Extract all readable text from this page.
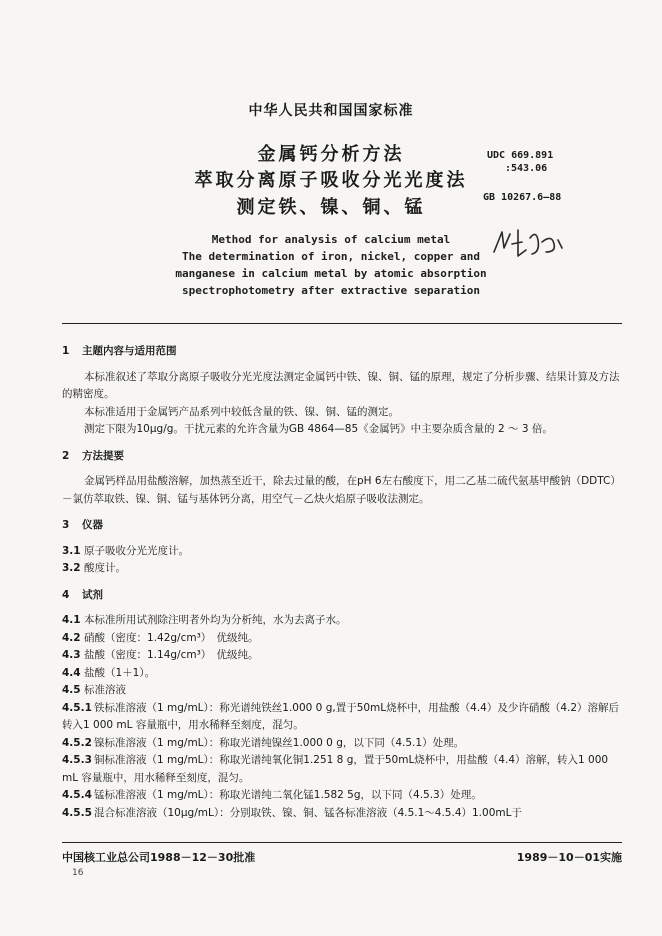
中华人民共和国国家标准
金属钙分析方法
萃取分离原子吸收分光光度法
测定铁、镍、铜、锰
UDC 669.891
:543.06
GB 10267.6—88
Method for analysis of calcium metal
The determination of iron, nickel, copper and
manganese in calcium metal by atomic absorption
spectrophotometry after extractive separation
1 主题内容与适用范围
本标准叙述了萃取分离原子吸收分光光度法测定金属钙中铁、镍、铜、锰的原理，规定了分析步骤、结果计算及方法的精密度。
本标准适用于金属钙产品系列中较低含量的铁、镍、铜、锰的测定。
测定下限为10μg/g。干扰元素的允许含量为GB 4864—85《金属钙》中主要杂质含量的 2 ～ 3 倍。
2 方法提要
金属钙样品用盐酸溶解，加热蒸至近干，除去过量的酸，在pH 6左右酸度下，用二乙基二硫代氨基甲酸钠（DDTC）－氯仿萃取铁、镍、铜、锰与基体钙分离，用空气－乙炔火焰原子吸收法测定。
3 仪器
3.1 原子吸收分光光度计。
3.2 酸度计。
4 试剂
4.1 本标准所用试剂除注明者外均为分析纯，水为去离子水。
4.2 硝酸（密度：1.42g/cm³）　优级纯。
4.3 盐酸（密度：1.14g/cm³）　优级纯。
4.4 盐酸（1＋1）。
4.5 标准溶液
4.5.1 铁标准溶液（1 mg/mL）：称光谱纯铁丝1.000 0 g,置于50mL烧杯中，用盐酸（4.4）及少许硝酸（4.2）溶解后转入1 000 mL 容量瓶中，用水稀释至刻度，混匀。
4.5.2 镍标准溶液（1 mg/mL）：称取光谱纯镍丝1.000 0 g，以下同（4.5.1）处理。
4.5.3 铜标准溶液（1 mg/mL）：称取光谱纯氧化铜1.251 8 g，置于50mL烧杯中，用盐酸（4.4）溶解，转入1 000 mL 容量瓶中，用水稀释至刻度，混匀。
4.5.4 锰标准溶液（1 mg/mL）：称取光谱纯二氧化锰1.582 5g，以下同（4.5.3）处理。
4.5.5 混合标准溶液（10μg/mL）：分别取铁、镍、铜、锰各标准溶液（4.5.1～4.5.4）1.00mL于
中国核工业总公司1988－12－30批准	1989－10－01实施
16
